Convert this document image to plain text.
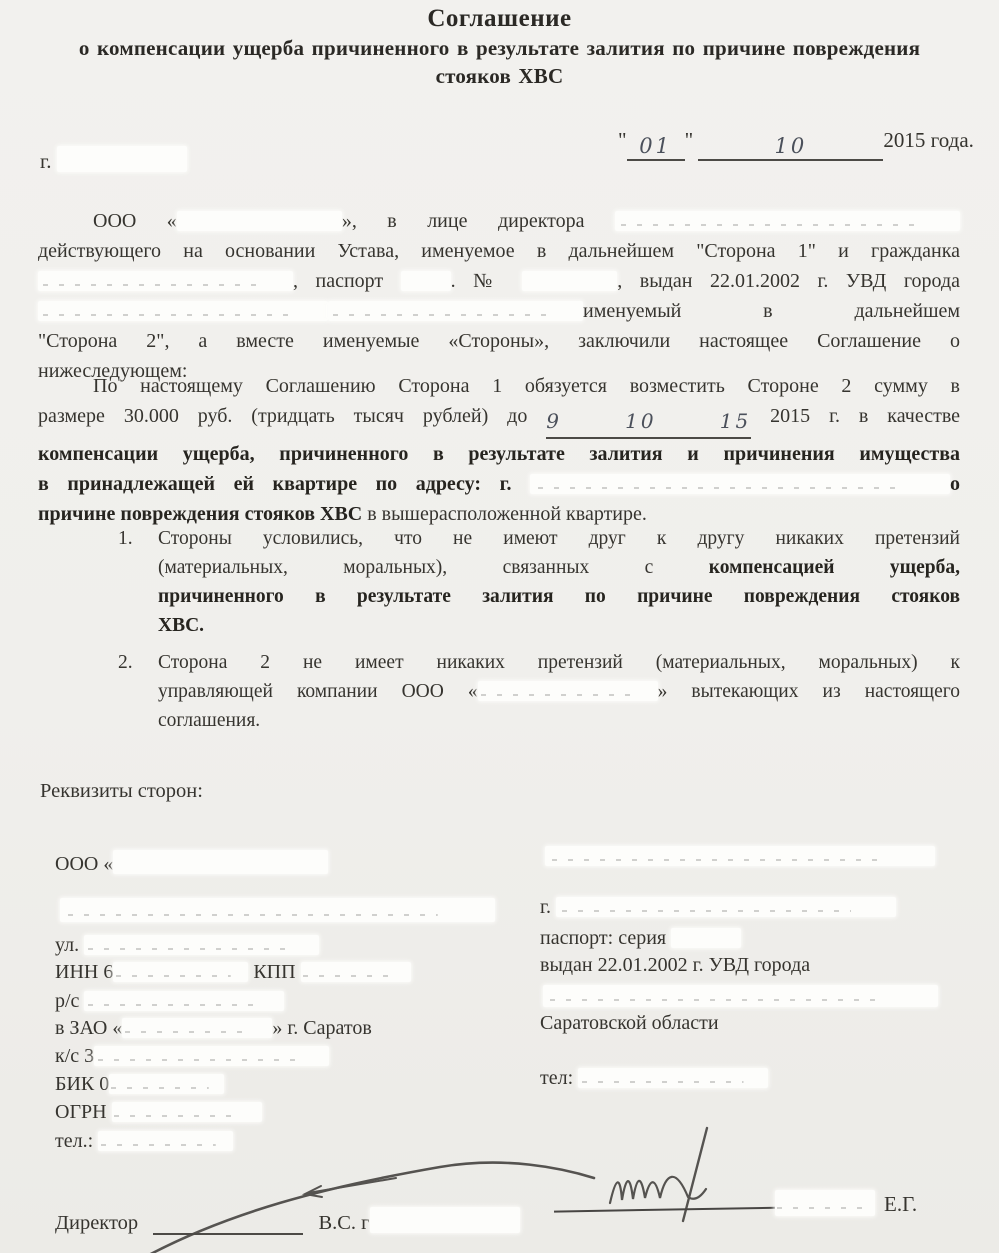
Соглашение
о компенсации ущерба причиненного в результате залития по причине повреждения
стояков ХВС
г.
" 01 "	10	2015 года.
ООО «	», в лице директора
действующего на основании Устава, именуемое в дальнейшем "Сторона 1" и гражданка
, паспорт	. №	, выдан 22.01.2002 г. УВД города
именуемый в дальнейшем
"Сторона 2", а вместе именуемые «Стороны», заключили настоящее Соглашение о
нижеследующем:
По настоящему Соглашению Сторона 1 обязуется возместить Стороне 2 сумму в
размере 30.000 руб. (тридцать тысяч рублей) до 9 10 15 2015 г. в качестве
компенсации ущерба, причиненного в результате залития и причинения имущества
в принадлежащей ей квартире по адресу: г.	о
причине повреждения стояков ХВС в вышерасположенной квартире.
1. Стороны условились, что не имеют друг к другу никаких претензий
(материальных, моральных), связанных с	компенсацией ущерба,
причиненного в результате залития по причине повреждения стояков
ХВС.
2. Сторона 2 не имеет никаких претензий (материальных, моральных) к
управляющей компании ООО «	» вытекающих из настоящего
соглашения.
Реквизиты сторон:
ООО «
ул.
ИНН 6	КПП
р/с
в ЗАО «	» г. Саратов
к/с 3
БИК 0
ОГРН
тел.:
г.
паспорт: серия
выдан 22.01.2002 г. УВД города
Саратовской области
тел:
Е.Г.
Директор	В.С. г
